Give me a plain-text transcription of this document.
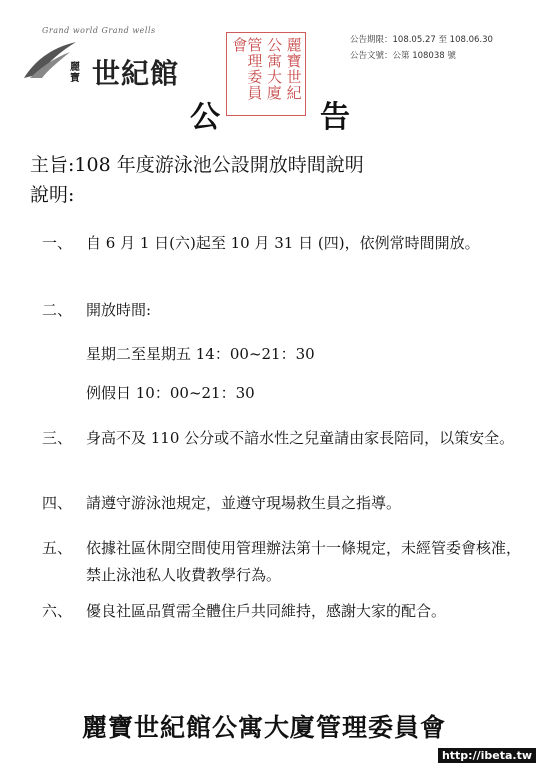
Grand world Grand wells
麗寶 世紀館
公告期限：108.05.27 至 108.06.30
公告文號：公第 108038 號
麗寶世紀
公寓大廈
管理委員會
公	告
主旨:108 年度游泳池公設開放時間說明
說明:
一、 自 6 月 1 日(六)起至 10 月 31 日 (四)，依例常時間開放。
二、 開放時間:
星期二至星期五 14：00~21：30
例假日 10：00~21：30
三、 身高不及 110 公分或不諳水性之兒童請由家長陪同，以策安全。
四、 請遵守游泳池規定，並遵守現場救生員之指導。
五、 依據社區休閒空間使用管理辦法第十一條規定，未經管委會核准，禁止泳池私人收費教學行為。
六、 優良社區品質需全體住戶共同維持，感謝大家的配合。
麗寶世紀館公寓大廈管理委員會
http://ibeta.tw
